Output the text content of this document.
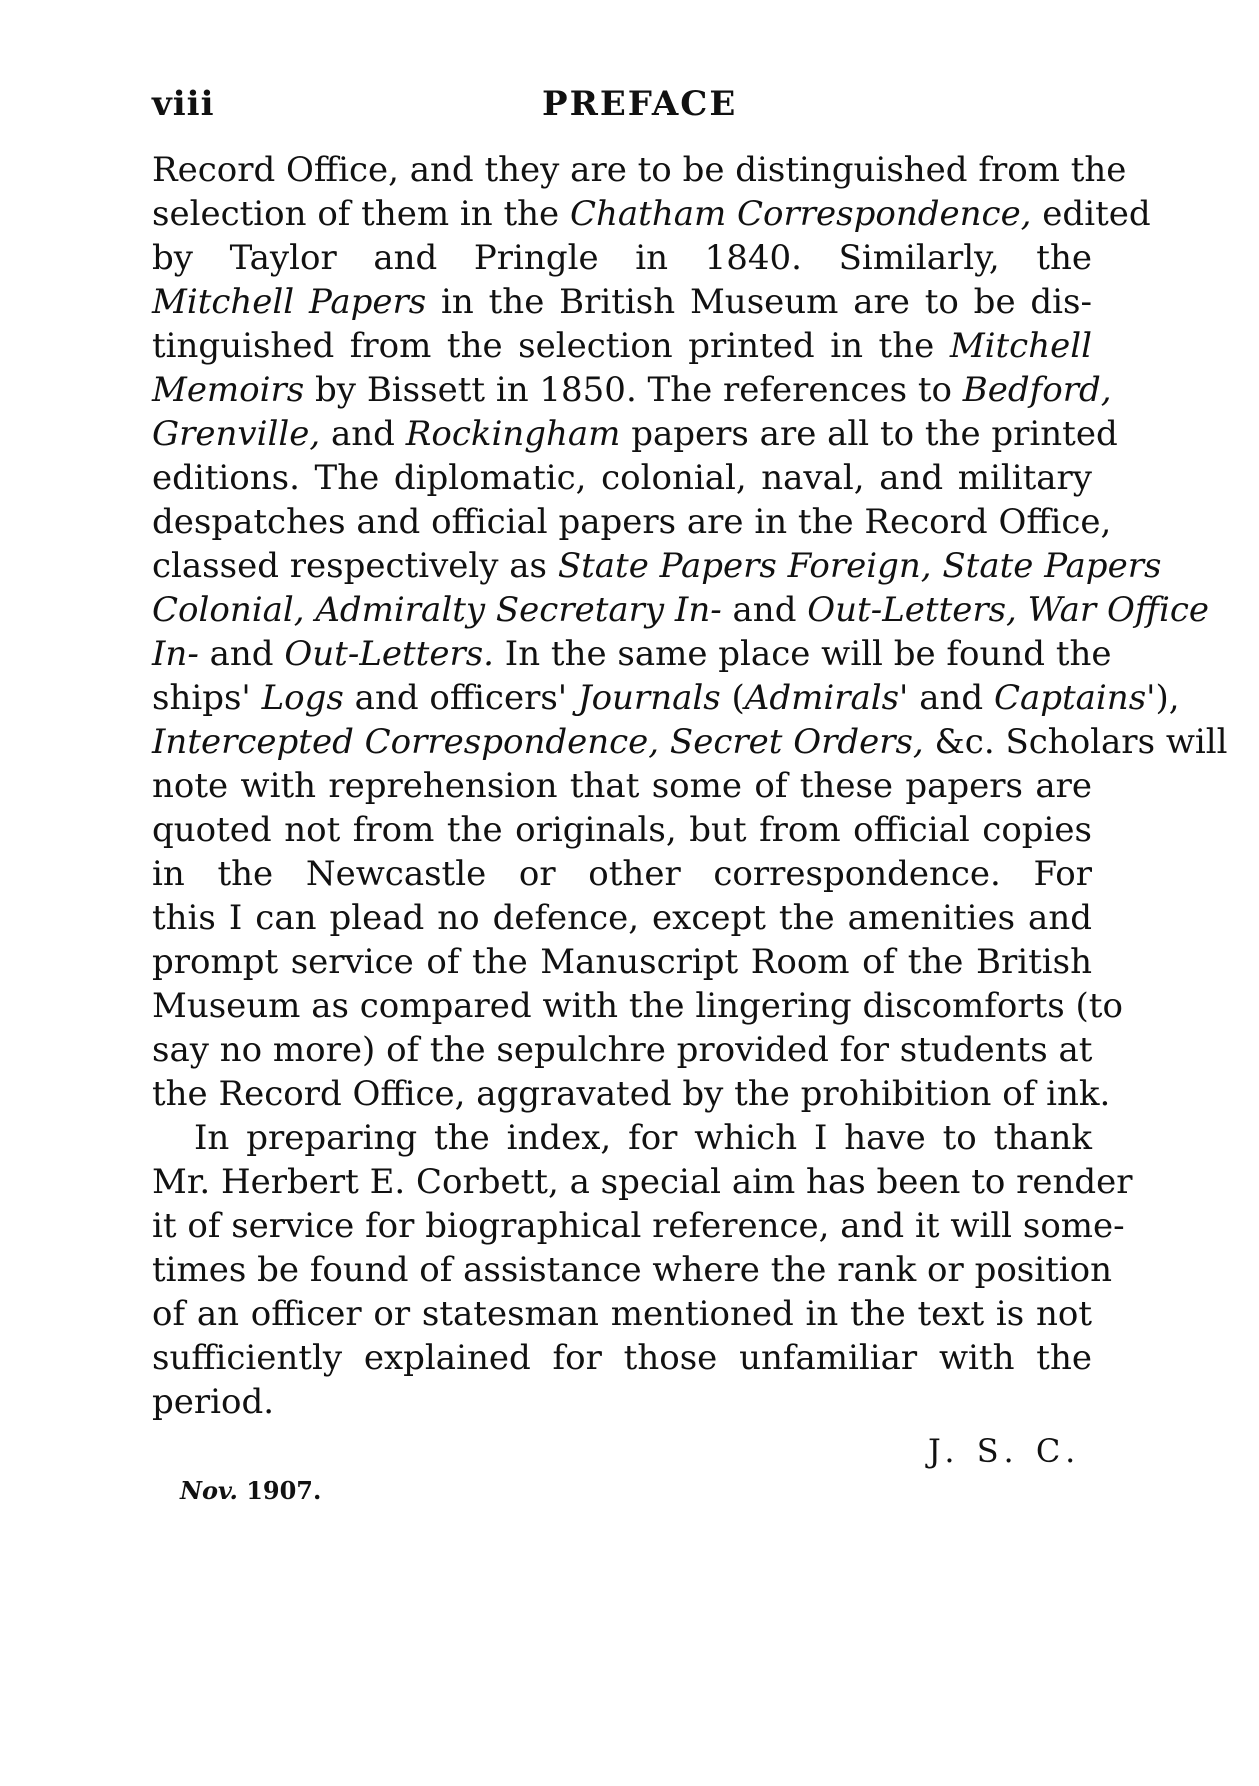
viii	PREFACE
Record Office, and they are to be distinguished from the
selection of them in the Chatham Correspondence, edited
by Taylor and Pringle in 1840. Similarly, the
Mitchell Papers in the British Museum are to be dis-
tinguished from the selection printed in the Mitchell
Memoirs by Bissett in 1850. The references to Bedford,
Grenville, and Rockingham papers are all to the printed
editions. The diplomatic, colonial, naval, and military
despatches and official papers are in the Record Office,
classed respectively as State Papers Foreign, State Papers
Colonial, Admiralty Secretary In- and Out-Letters, War Office
In- and Out-Letters. In the same place will be found the
ships' Logs and officers' Journals (Admirals' and Captains'),
Intercepted Correspondence, Secret Orders, &c. Scholars will
note with reprehension that some of these papers are
quoted not from the originals, but from official copies
in the Newcastle or other correspondence. For
this I can plead no defence, except the amenities and
prompt service of the Manuscript Room of the British
Museum as compared with the lingering discomforts (to
say no more) of the sepulchre provided for students at
the Record Office, aggravated by the prohibition of ink.
In preparing the index, for which I have to thank
Mr. Herbert E. Corbett, a special aim has been to render
it of service for biographical reference, and it will some-
times be found of assistance where the rank or position
of an officer or statesman mentioned in the text is not
sufficiently explained for those unfamiliar with the
period.
J. S. C.
Nov. 1907.
